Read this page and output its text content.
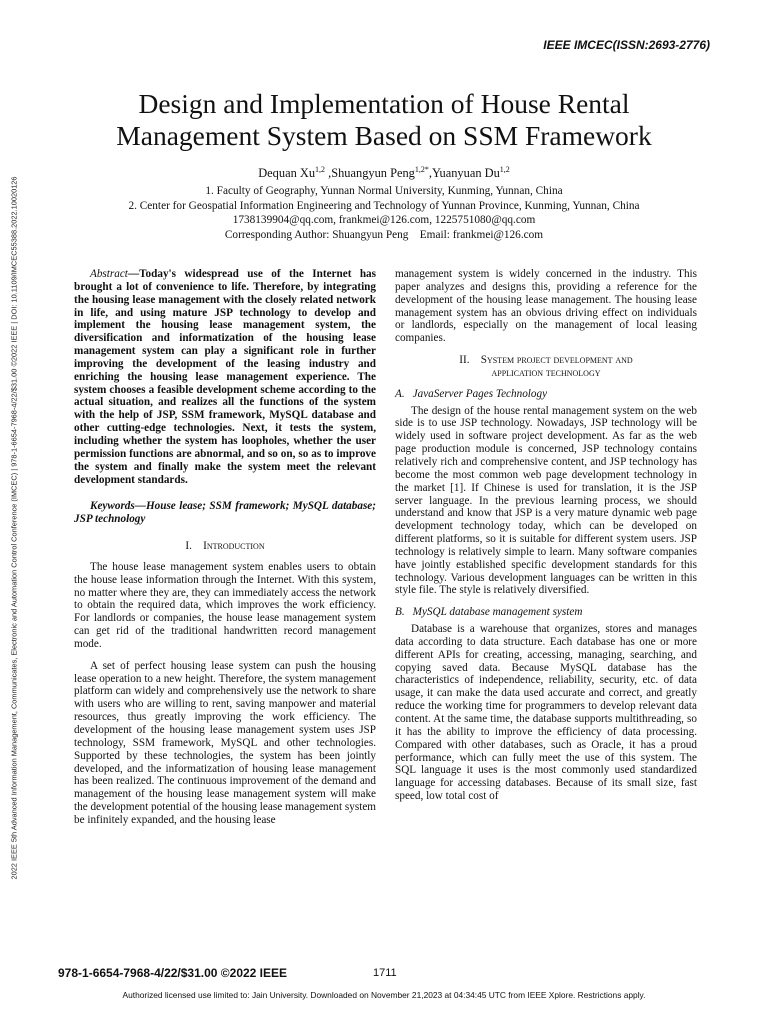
IEEE IMCEC(ISSN:2693-2776)
2022 IEEE 5th Advanced Information Management, Communicates, Electronic and Automation Control Conference (IMCEC) | 978-1-6654-7968-4/22/$31.00 ©2022 IEEE | DOI: 10.1109/IMCEC55388.2022.10020126
Design and Implementation of House Rental
Management System Based on SSM Framework
Dequan Xu$^{1,2}$ ,Shuangyun Peng$^{1,2*}$,Yuanyuan Du$^{1,2}$
1. Faculty of Geography, Yunnan Normal University, Kunming, Yunnan, China
2. Center for Geospatial Information Engineering and Technology of Yunnan Province, Kunming, Yunnan, China
1738139904@qq.com, frankmei@126.com, 1225751080@qq.com
Corresponding Author: Shuangyun Peng    Email: frankmei@126.com

Abstract—Today's widespread use of the Internet has brought a lot of convenience to life. Therefore, by integrating the housing lease management with the closely related network in life, and using mature JSP technology to develop and implement the housing lease management system, the diversification and informatization of the housing lease management system can play a significant role in further improving the development of the leasing industry and enriching the housing lease management experience. The system chooses a feasible development scheme according to the actual situation, and realizes all the functions of the system with the help of JSP, SSM framework, MySQL database and other cutting-edge technologies. Next, it tests the system, including whether the system has loopholes, whether the user permission functions are abnormal, and so on, so as to improve the system and finally make the system meet the relevant development standards.

Keywords—House lease; SSM framework; MySQL database; JSP technology

I. Introduction

The house lease management system enables users to obtain the house lease information through the Internet. With this system, no matter where they are, they can immediately access the network to obtain the required data, which improves the work efficiency. For landlords or companies, the house lease management system can get rid of the traditional handwritten record management mode.

A set of perfect housing lease system can push the housing lease operation to a new height. Therefore, the system management platform can widely and comprehensively use the network to share with users who are willing to rent, saving manpower and material resources, thus greatly improving the work efficiency. The development of the housing lease management system uses JSP technology, SSM framework, MySQL and other technologies. Supported by these technologies, the system has been jointly developed, and the informatization of housing lease management has been realized. The continuous improvement of the demand and management of the housing lease management system will make the development potential of the housing lease management system be infinitely expanded, and the housing lease

management system is widely concerned in the industry. This paper analyzes and designs this, providing a reference for the development of the housing lease management. The housing lease management system has an obvious driving effect on individuals or landlords, especially on the management of local leasing companies.

II. System project development and
application technology
A. JavaServer Pages Technology

The design of the house rental management system on the web side is to use JSP technology. Nowadays, JSP technology will be widely used in software project development. As far as the web page production module is concerned, JSP technology contains relatively rich and comprehensive content, and JSP technology has become the most common web page development technology in the market [1]. If Chinese is used for translation, it is the JSP server language. In the previous learning process, we should understand and know that JSP is a very mature dynamic web page development technology today, which can be developed on different platforms, so it is suitable for different system users. JSP technology is relatively simple to learn. Many software companies have jointly established specific development standards for this technology. Various development languages can be written in this style file. The style is relatively diversified.

B. MySQL database management system

Database is a warehouse that organizes, stores and manages data according to data structure. Each database has one or more different APIs for creating, accessing, managing, searching, and copying saved data. Because MySQL database has the characteristics of independence, reliability, security, etc. of data usage, it can make the data used accurate and correct, and greatly reduce the working time for programmers to develop relevant data content. At the same time, the database supports multithreading, so it has the ability to improve the efficiency of data processing. Compared with other databases, such as Oracle, it has a proud performance, which can fully meet the use of this system. The SQL language it uses is the most commonly used standardized language for accessing databases. Because of its small size, fast speed, low total cost of

978-1-6654-7968-4/22/$31.00 ©2022 IEEE	1711
Authorized licensed use limited to: Jain University. Downloaded on November 21,2023 at 04:34:45 UTC from IEEE Xplore. Restrictions apply.
